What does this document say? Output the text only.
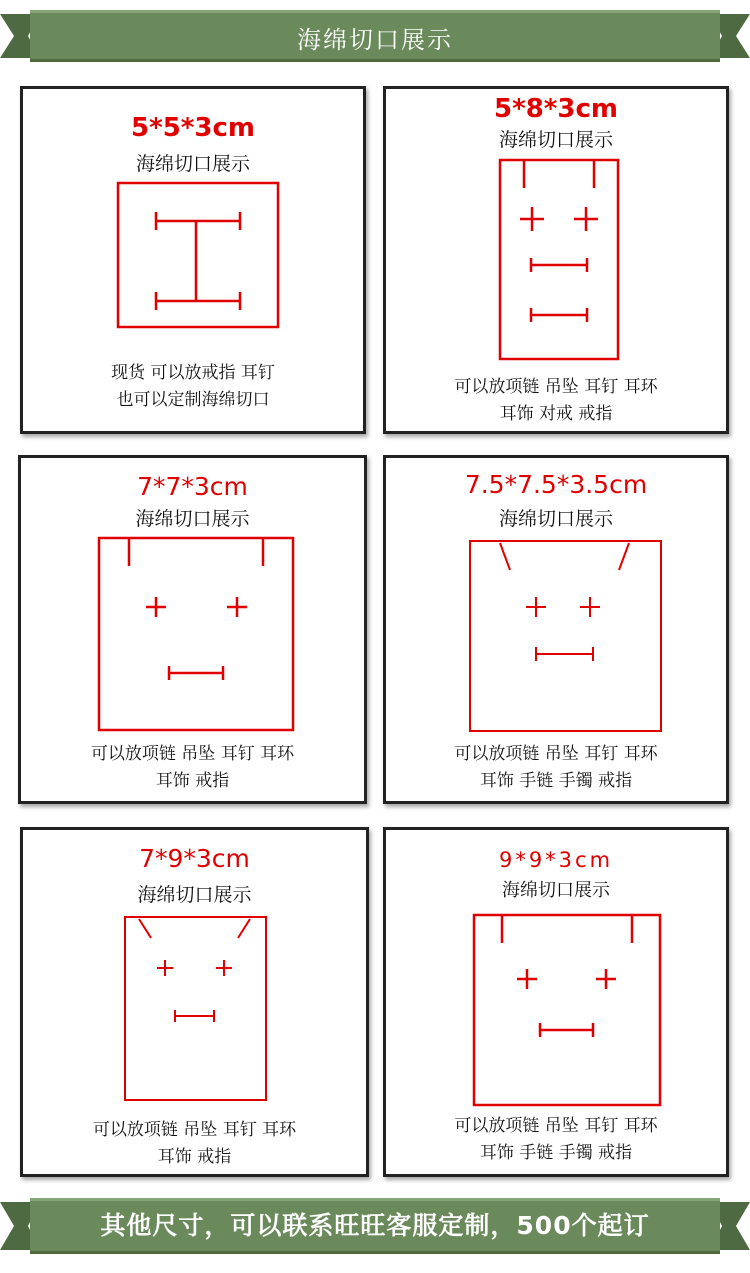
海绵切口展示
5*5*3cm
海绵切口展示
现货 可以放戒指 耳钉
也可以定制海绵切口
5*8*3cm
海绵切口展示
可以放项链 吊坠 耳钉 耳环
耳饰 对戒 戒指
7*7*3cm
海绵切口展示
可以放项链 吊坠 耳钉 耳环
耳饰 戒指
7.5*7.5*3.5cm
海绵切口展示
可以放项链 吊坠 耳钉 耳环
耳饰 手链 手镯 戒指
7*9*3cm
海绵切口展示
可以放项链 吊坠 耳钉 耳环
耳饰 戒指
9*9*3cm
海绵切口展示
可以放项链 吊坠 耳钉 耳环
耳饰 手链 手镯 戒指
其他尺寸，可以联系旺旺客服定制，500个起订
